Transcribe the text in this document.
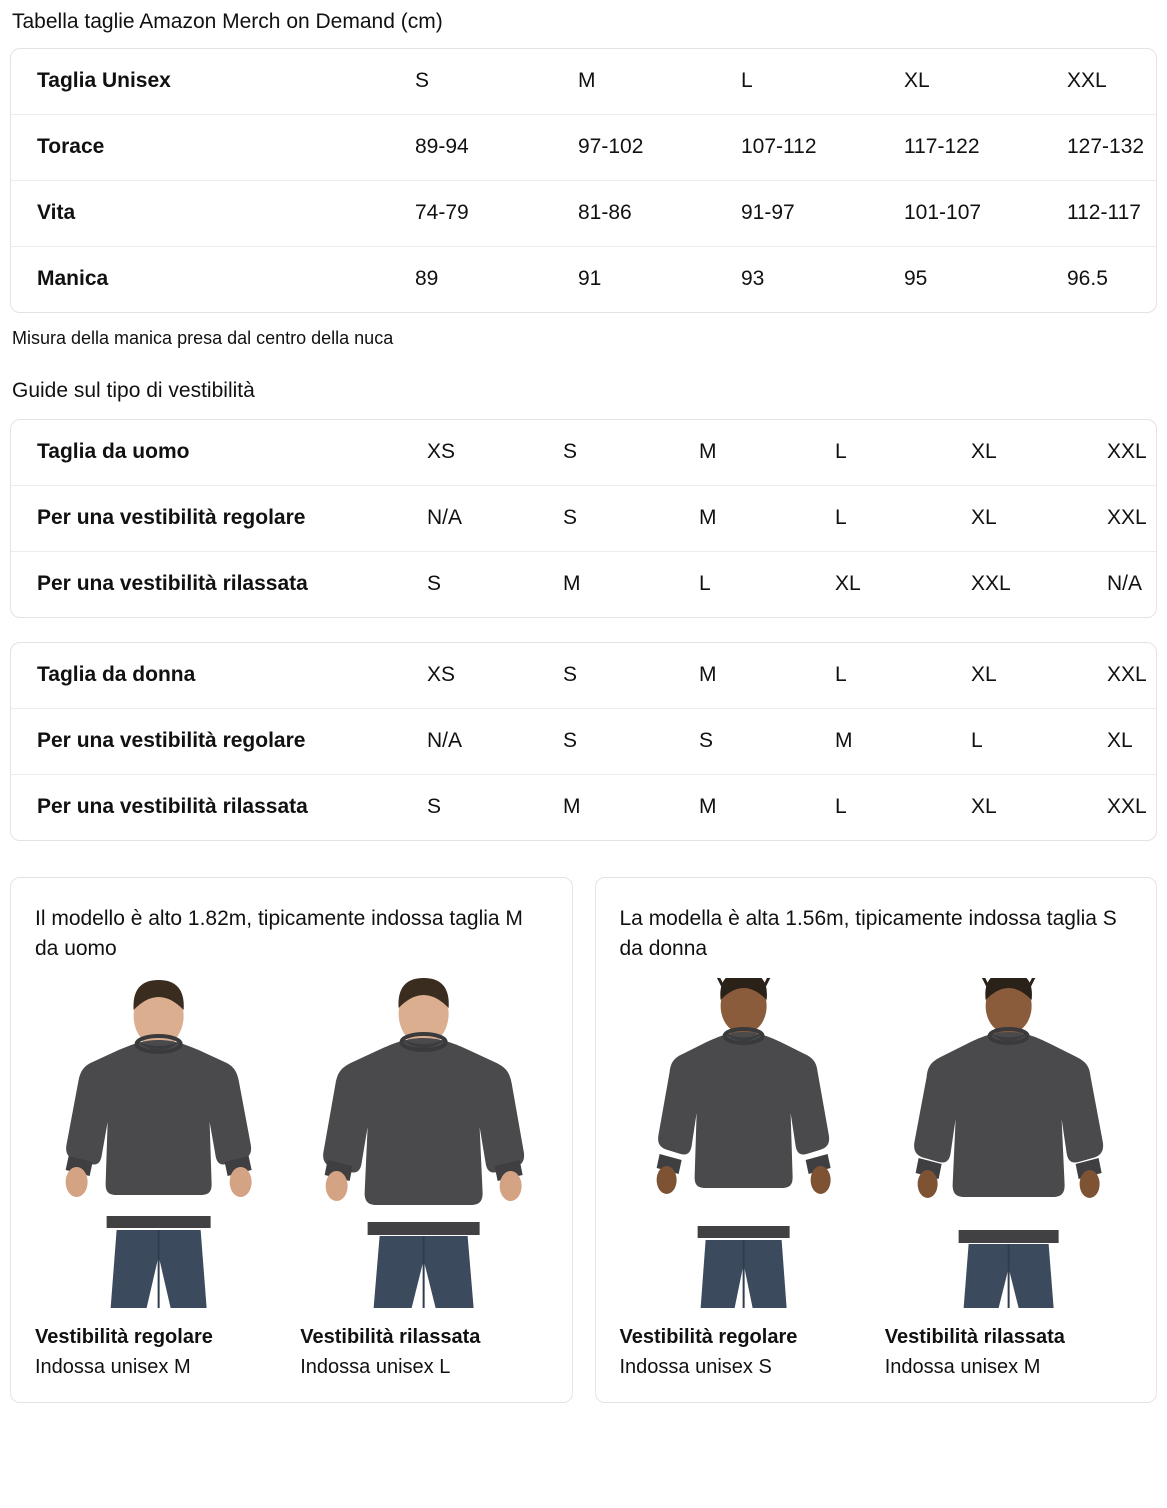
Tabella taglie Amazon Merch on Demand (cm)
Taglia Unisex	S	M	L	XL	XXL
Torace	89-94	97-102	107-112	117-122	127-132
Vita	74-79	81-86	91-97	101-107	112-117
Manica	89	91	93	95	96.5
Misura della manica presa dal centro della nuca
Guide sul tipo di vestibilità
Taglia da uomo	XS	S	M	L	XL	XXL
Per una vestibilità regolare	N/A	S	M	L	XL	XXL
Per una vestibilità rilassata	S	M	L	XL	XXL	N/A
Taglia da donna	XS	S	M	L	XL	XXL
Per una vestibilità regolare	N/A	S	S	M	L	XL
Per una vestibilità rilassata	S	M	M	L	XL	XXL
Il modello è alto 1.82m, tipicamente indossa taglia M da uomo
Vestibilità regolare
Indossa unisex M
Vestibilità rilassata
Indossa unisex L
La modella è alta 1.56m, tipicamente indossa taglia S da donna
Vestibilità regolare
Indossa unisex S
Vestibilità rilassata
Indossa unisex M
